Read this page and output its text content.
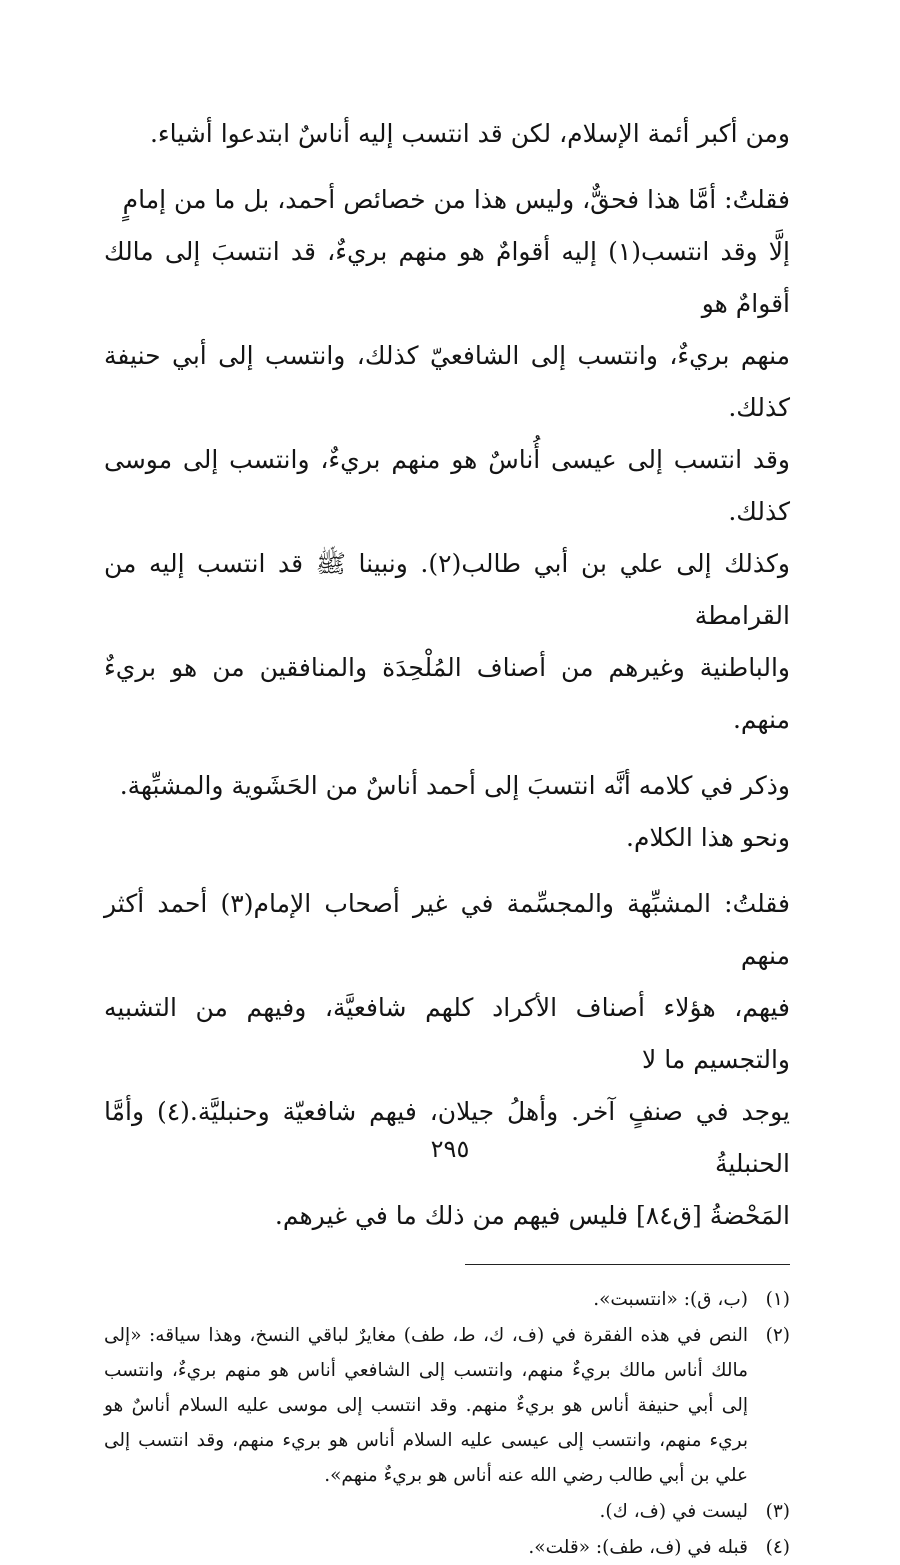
ومن أكبر أئمة الإسلام، لكن قد انتسب إليه أناسٌ ابتدعوا أشياء.

فقلتُ: أمَّا هذا فحقٌّ، وليس هذا من خصائص أحمد، بل ما من إمامٍ
إلَّا وقد انتسب(١) إليه أقوامٌ هو منهم بريءٌ، قد انتسبَ إلى مالك أقوامٌ هو
منهم بريءٌ، وانتسب إلى الشافعيّ كذلك، وانتسب إلى أبي حنيفة كذلك.
وقد انتسب إلى عيسى أُناسٌ هو منهم بريءٌ، وانتسب إلى موسى كذلك.
وكذلك إلى علي بن أبي طالب(٢). ونبينا ﷺ قد انتسب إليه من القرامطة
والباطنية وغيرهم من أصناف المُلْحِدَة والمنافقين من هو بريءٌ منهم.

وذكر في كلامه أنَّه انتسبَ إلى أحمد أناسٌ من الحَشَوية والمشبِّهة.
ونحو هذا الكلام.

فقلتُ: المشبِّهة والمجسِّمة في غير أصحاب الإمام(٣) أحمد أكثر منهم
فيهم، هؤلاء أصناف الأكراد كلهم شافعيَّة، وفيهم من التشبيه والتجسيم ما لا
يوجد في صنفٍ آخر. وأهلُ جيلان، فيهم شافعيّة وحنبليَّة.(٤) وأمَّا الحنبليةُ
المَحْضةُ [ق٨٤] فليس فيهم من ذلك ما في غيرهم.

(١)
(ب، ق): «انتسبت».
(٢)
النص في هذه الفقرة في (ف، ك، ط، طف) مغايرٌ لباقي النسخ، وهذا سياقه: «إلى مالك أناس مالك بريءٌ منهم، وانتسب إلى الشافعي أناس هو منهم بريءٌ، وانتسب إلى أبي حنيفة أناس هو بريءٌ منهم. وقد انتسب إلى موسى عليه السلام أناسٌ هو بريء منهم، وانتسب إلى عيسى عليه السلام أناس هو بريء منهم، وقد انتسب إلى علي بن أبي طالب رضي الله عنه أناس هو بريءٌ منهم».
(٣)
ليست في (ف، ك).
(٤)
قبله في (ف، طف): «قلت».
٢٩٥
